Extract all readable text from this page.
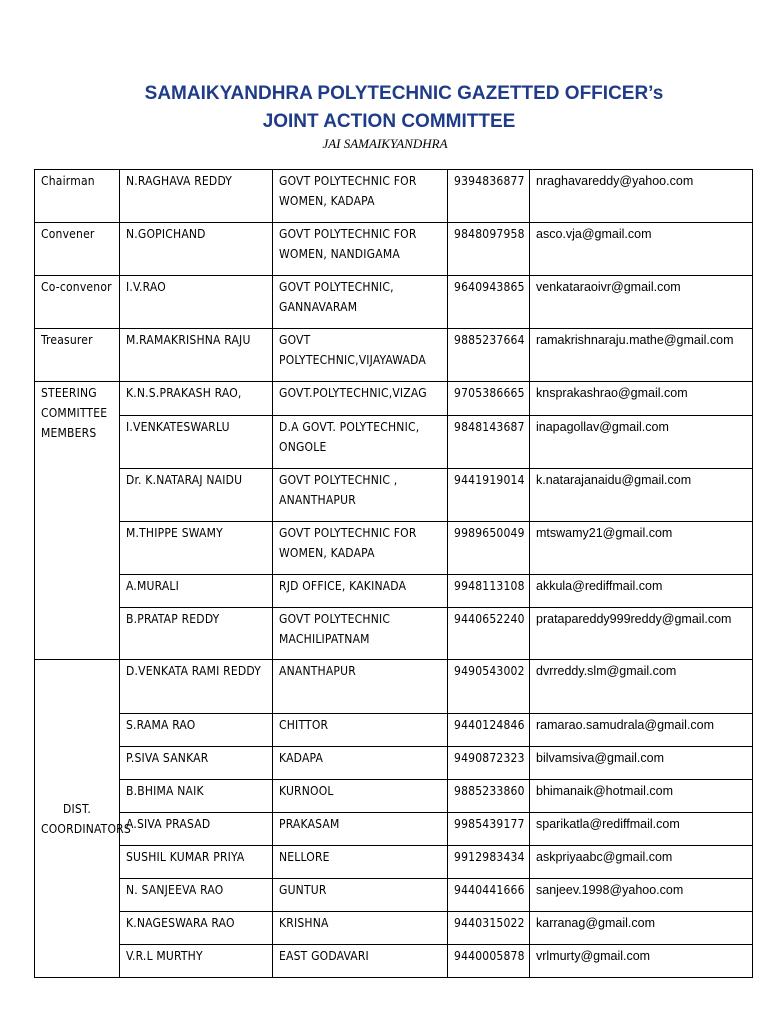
SAMAIKYANDHRA POLYTECHNIC GAZETTED OFFICER’s
JOINT ACTION COMMITTEE
JAI SAMAIKYANDHRA
Chairman	N.RAGHAVA REDDY	GOVT POLYTECHNIC FOR WOMEN, KADAPA	9394836877	nraghavareddy@yahoo.com
Convener	N.GOPICHAND	GOVT POLYTECHNIC FOR WOMEN, NANDIGAMA	9848097958	asco.vja@gmail.com
Co-convenor	I.V.RAO	GOVT POLYTECHNIC, GANNAVARAM	9640943865	venkataraoivr@gmail.com
Treasurer	M.RAMAKRISHNA RAJU	GOVT POLYTECHNIC,VIJAYAWADA	9885237664	ramakrishnaraju.mathe@gmail.com
STEERING COMMITTEE MEMBERS	K.N.S.PRAKASH RAO,	GOVT.POLYTECHNIC,VIZAG	9705386665	knsprakashrao@gmail.com
	I.VENKATESWARLU	D.A GOVT. POLYTECHNIC, ONGOLE	9848143687	inapagollav@gmail.com
	Dr. K.NATARAJ NAIDU	GOVT POLYTECHNIC , ANANTHAPUR	9441919014	k.natarajanaidu@gmail.com
	M.THIPPE SWAMY	GOVT POLYTECHNIC FOR WOMEN, KADAPA	9989650049	mtswamy21@gmail.com
	A.MURALI	RJD OFFICE, KAKINADA	9948113108	akkula@rediffmail.com
	B.PRATAP REDDY	GOVT POLYTECHNIC MACHILIPATNAM	9440652240	pratapareddy999reddy@gmail.com
DIST. COORDINATORS	D.VENKATA RAMI REDDY	ANANTHAPUR	9490543002	dvrreddy.slm@gmail.com
	S.RAMA RAO	CHITTOR	9440124846	ramarao.samudrala@gmail.com
	P.SIVA SANKAR	KADAPA	9490872323	bilvamsiva@gmail.com
	B.BHIMA NAIK	KURNOOL	9885233860	bhimanaik@hotmail.com
	A.SIVA PRASAD	PRAKASAM	9985439177	sparikatla@rediffmail.com
	SUSHIL KUMAR PRIYA	NELLORE	9912983434	askpriyaabc@gmail.com
	N. SANJEEVA RAO	GUNTUR	9440441666	sanjeev.1998@yahoo.com
	K.NAGESWARA RAO	KRISHNA	9440315022	karranag@gmail.com
	V.R.L MURTHY	EAST GODAVARI	9440005878	vrlmurty@gmail.com
